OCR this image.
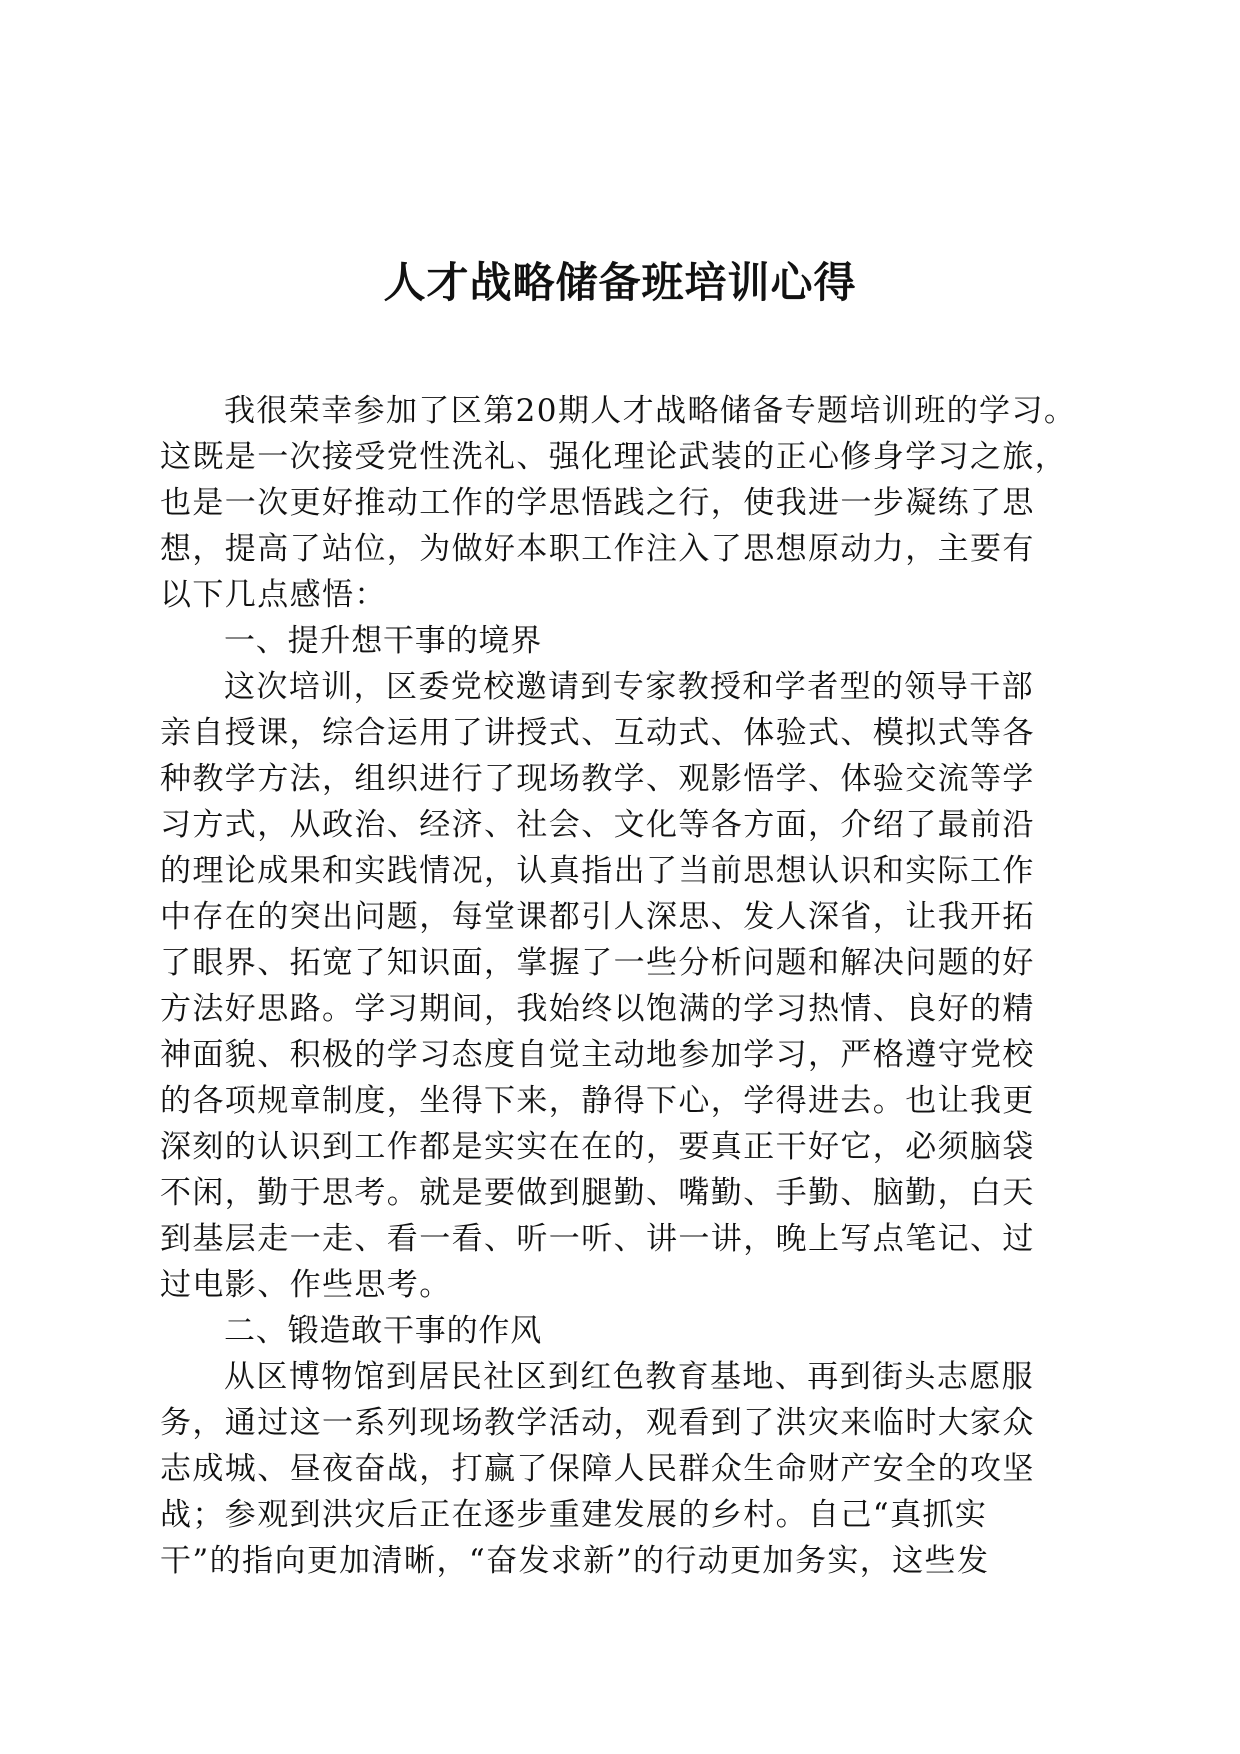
人才战略储备班培训心得
我很荣幸参加了区第20期人才战略储备专题培训班的学习。
这既是一次接受党性洗礼、强化理论武装的正心修身学习之旅，
也是一次更好推动工作的学思悟践之行，使我进一步凝练了思
想，提高了站位，为做好本职工作注入了思想原动力，主要有
以下几点感悟：
一、提升想干事的境界
这次培训，区委党校邀请到专家教授和学者型的领导干部
亲自授课，综合运用了讲授式、互动式、体验式、模拟式等各
种教学方法，组织进行了现场教学、观影悟学、体验交流等学
习方式，从政治、经济、社会、文化等各方面，介绍了最前沿
的理论成果和实践情况，认真指出了当前思想认识和实际工作
中存在的突出问题，每堂课都引人深思、发人深省，让我开拓
了眼界、拓宽了知识面，掌握了一些分析问题和解决问题的好
方法好思路。学习期间，我始终以饱满的学习热情、良好的精
神面貌、积极的学习态度自觉主动地参加学习，严格遵守党校
的各项规章制度，坐得下来，静得下心，学得进去。也让我更
深刻的认识到工作都是实实在在的，要真正干好它，必须脑袋
不闲，勤于思考。就是要做到腿勤、嘴勤、手勤、脑勤，白天
到基层走一走、看一看、听一听、讲一讲，晚上写点笔记、过
过电影、作些思考。
二、锻造敢干事的作风
从区博物馆到居民社区到红色教育基地、再到街头志愿服
务，通过这一系列现场教学活动，观看到了洪灾来临时大家众
志成城、昼夜奋战，打赢了保障人民群众生命财产安全的攻坚
战；参观到洪灾后正在逐步重建发展的乡村。自己“真抓实
干”的指向更加清晰，“奋发求新”的行动更加务实，这些发
